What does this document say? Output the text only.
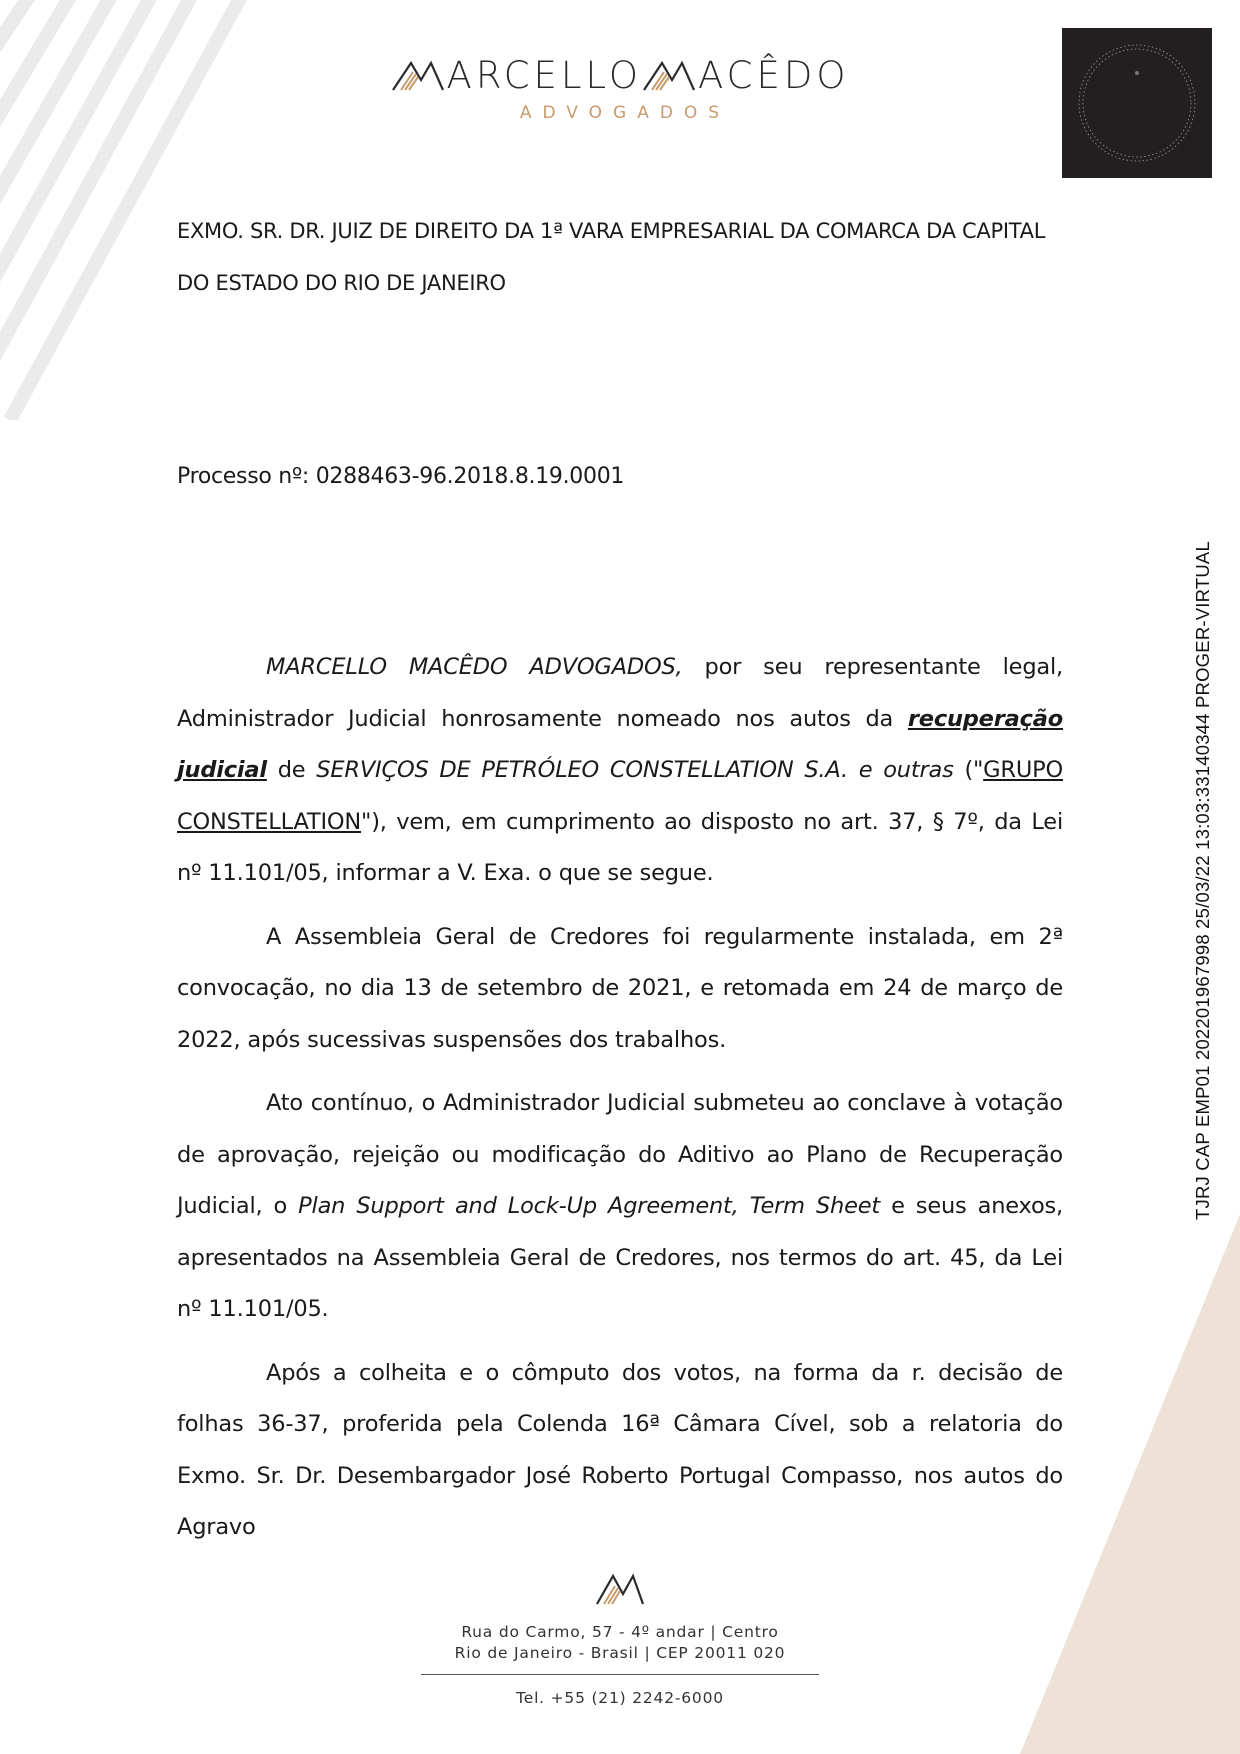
ARCELLO ACÊDO
ADVOGADOS
TJRJ CAP EMP01 202201967998 25/03/22 13:03:33140344 PROGER-VIRTUAL
EXMO. SR. DR. JUIZ DE DIREITO DA 1ª VARA EMPRESARIAL DA COMARCA DA CAPITAL
DO ESTADO DO RIO DE JANEIRO
Processo nº: 0288463-96.2018.8.19.0001

MARCELLO MACÊDO ADVOGADOS, por seu representante legal, Administrador Judicial honrosamente nomeado nos autos da recuperação judicial de SERVIÇOS DE PETRÓLEO CONSTELLATION S.A. e outras ("GRUPO CONSTELLATION"), vem, em cumprimento ao disposto no art. 37, § 7º, da Lei nº 11.101/05, informar a V. Exa. o que se segue.

A Assembleia Geral de Credores foi regularmente instalada, em 2ª convocação, no dia 13 de setembro de 2021, e retomada em 24 de março de 2022, após sucessivas suspensões dos trabalhos.

Ato contínuo, o Administrador Judicial submeteu ao conclave à votação de aprovação, rejeição ou modificação do Aditivo ao Plano de Recuperação Judicial, o Plan Support and Lock-Up Agreement, Term Sheet e seus anexos, apresentados na Assembleia Geral de Credores, nos termos do art. 45, da Lei nº 11.101/05.

Após a colheita e o cômputo dos votos, na forma da r. decisão de folhas 36-37, proferida pela Colenda 16ª Câmara Cível, sob a relatoria do Exmo. Sr. Dr. Desembargador José Roberto Portugal Compasso, nos autos do Agravo

Rua do Carmo, 57 - 4º andar | Centro
Rio de Janeiro - Brasil | CEP 20011 020
Tel. +55 (21) 2242-6000
